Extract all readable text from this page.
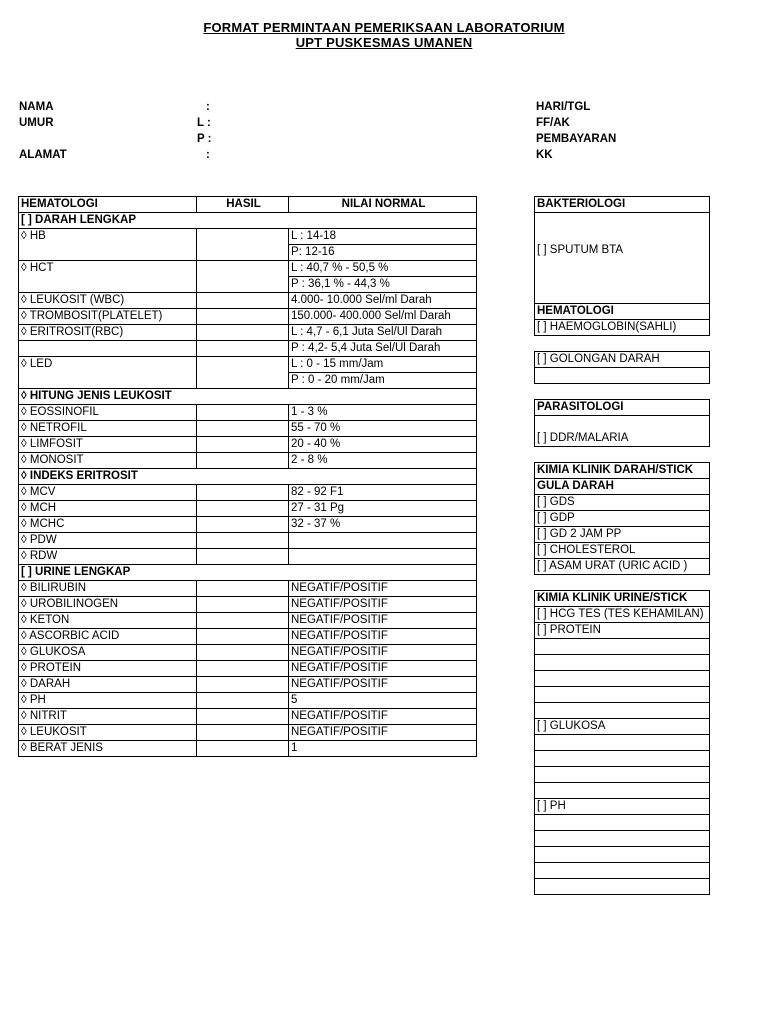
FORMAT PERMINTAAN PEMERIKSAAN LABORATORIUM
UPT PUSKESMAS UMANEN
NAMA	:
UMUR	L :
P :
ALAMAT	:
HARI/TGL
FF/AK
PEMBAYARAN
KK
HEMATOLOGI	HASIL	NILAI NORMAL
[ ] DARAH LENGKAP		
◊ HB		L : 14-18
		P: 12-16
◊ HCT		L : 40,7 % - 50,5 %
		P : 36,1 % - 44,3 %
◊ LEUKOSIT (WBC)		4.000- 10.000 Sel/ml Darah
◊ TROMBOSIT(PLATELET)		150.000- 400.000 Sel/ml Darah
◊ ERITROSIT(RBC)		L : 4,7 - 6,1 Juta Sel/Ul Darah
		P : 4,2- 5,4 Juta Sel/Ul Darah
◊ LED		L : 0 - 15 mm/Jam
		P : 0 - 20 mm/Jam
◊ HITUNG JENIS LEUKOSIT		
◊ EOSSINOFIL		1 - 3 %
◊ NETROFIL		55 - 70 %
◊ LIMFOSIT		20 - 40 %
◊ MONOSIT		2 - 8 %
◊ INDEKS ERITROSIT		
◊ MCV		82 - 92 F1
◊ MCH		27 - 31 Pg
◊ MCHC		32 - 37 %
◊ PDW		
◊ RDW		
[ ] URINE LENGKAP		
◊ BILIRUBIN		NEGATIF/POSITIF
◊ UROBILINOGEN		NEGATIF/POSITIF
◊ KETON		NEGATIF/POSITIF
◊ ASCORBIC ACID		NEGATIF/POSITIF
◊ GLUKOSA		NEGATIF/POSITIF
◊ PROTEIN		NEGATIF/POSITIF
◊ DARAH		NEGATIF/POSITIF
◊ PH		5
◊ NITRIT		NEGATIF/POSITIF
◊ LEUKOSIT		NEGATIF/POSITIF
◊ BERAT JENIS		1
BAKTERIOLOGI

[ ] SPUTUM BTA

HEMATOLOGI
[ ] HAEMOGLOBIN(SAHLI)

[ ] GOLONGAN DARAH

PARASITOLOGI

[ ] DDR/MALARIA

KIMIA KLINIK DARAH/STICK
GULA DARAH
[ ] GDS
[ ] GDP
[ ] GD 2 JAM PP
[ ] CHOLESTEROL
[ ] ASAM URAT (URIC ACID )

KIMIA KLINIK URINE/STICK
[ ] HCG TES (TES KEHAMILAN)
[ ] PROTEIN

[ ] GLUKOSA

[ ] PH
